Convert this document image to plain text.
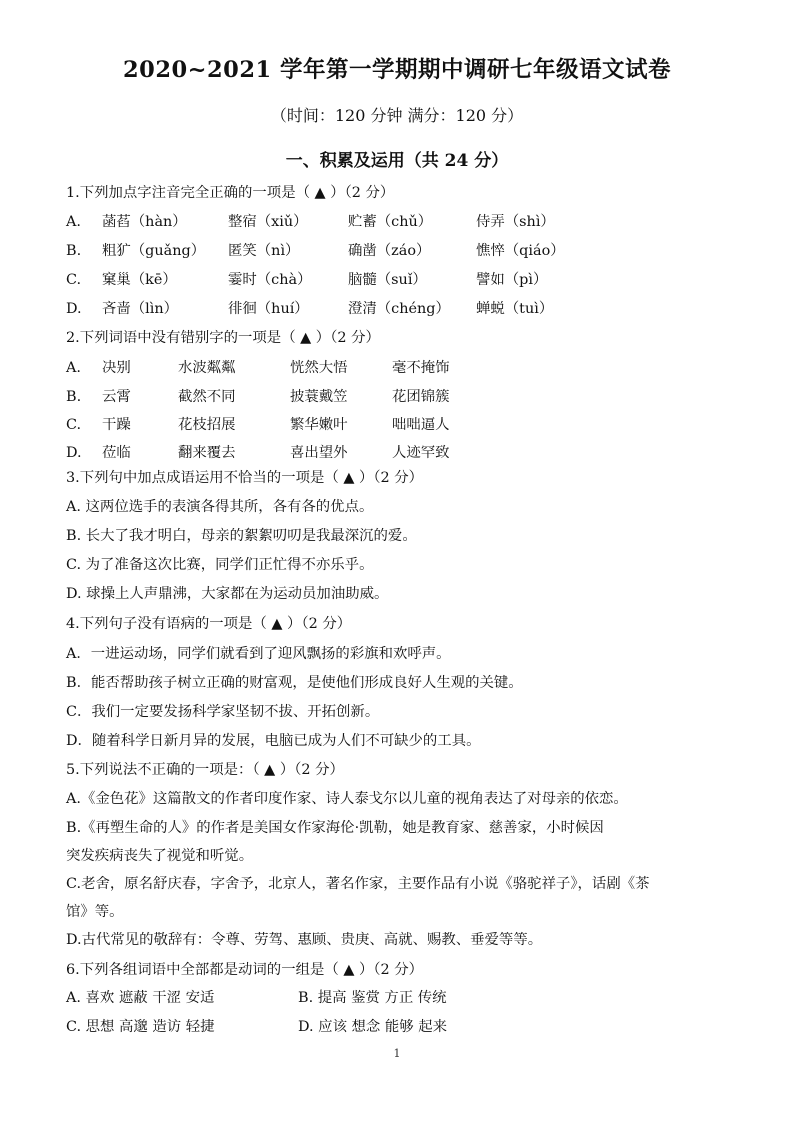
2020~2021 学年第一学期期中调研七年级语文试卷
（时间：120 分钟 满分：120 分）
一、积累及运用（共 24 分）
1.下列加点字注音完全正确的一项是（ ▲ ）（2 分）
A. 菡萏（hàn）	整宿（xiǔ）	贮蓄（chǔ）	侍弄（shì）
B. 粗犷（guǎng） 匿笑（nì）	确凿（záo）	憔悴（qiáo）
C. 窠巢（kē）	霎时（chà）	脑髓（suǐ）	譬如（pì）
D. 吝啬（lìn）	徘徊（huí）	澄清（chéng） 蝉蜕（tuì）
2.下列词语中没有错别字的一项是（ ▲ ）（2 分）
A. 决别	水波粼粼	恍然大悟	毫不掩饰
B. 云霄	截然不同	披蓑戴笠	花团锦簇
C. 干躁	花枝招展	繁华嫩叶	咄咄逼人
D. 莅临	翻来覆去	喜出望外	人迹罕致
3.下列句中加点成语运用不恰当的一项是（ ▲ ）（2 分）
A. 这两位选手的表演各得其所，各有各的优点。
B. 长大了我才明白，母亲的絮絮叨叨是我最深沉的爱。
C. 为了准备这次比赛，同学们正忙得不亦乐乎。
D. 球操上人声鼎沸，大家都在为运动员加油助威。
4.下列句子没有语病的一项是（ ▲ ）（2 分）
A．一进运动场，同学们就看到了迎风飘扬的彩旗和欢呼声。
B．能否帮助孩子树立正确的财富观，是使他们形成良好人生观的关键。
C．我们一定要发扬科学家坚韧不拔、开拓创新。
D．随着科学日新月异的发展，电脑已成为人们不可缺少的工具。
5.下列说法不正确的一项是：（ ▲ ）（2 分）
A.《金色花》这篇散文的作者印度作家、诗人泰戈尔以儿童的视角表达了对母亲的依恋。
B.《再塑生命的人》的作者是美国女作家海伦·凯勒，她是教育家、慈善家，小时候因
突发疾病丧失了视觉和听觉。
C.老舍，原名舒庆春，字舍予，北京人，著名作家，主要作品有小说《骆驼祥子》，话剧《茶
馆》等。
D.古代常见的敬辞有：令尊、劳驾、惠顾、贵庚、高就、赐教、垂爱等等。
6.下列各组词语中全部都是动词的一组是（ ▲ ）（2 分）
A. 喜欢 遮蔽 干涩 安适	B. 提高 鉴赏 方正 传统
C. 思想 高邈 造访 轻捷	D. 应该 想念 能够 起来
1
